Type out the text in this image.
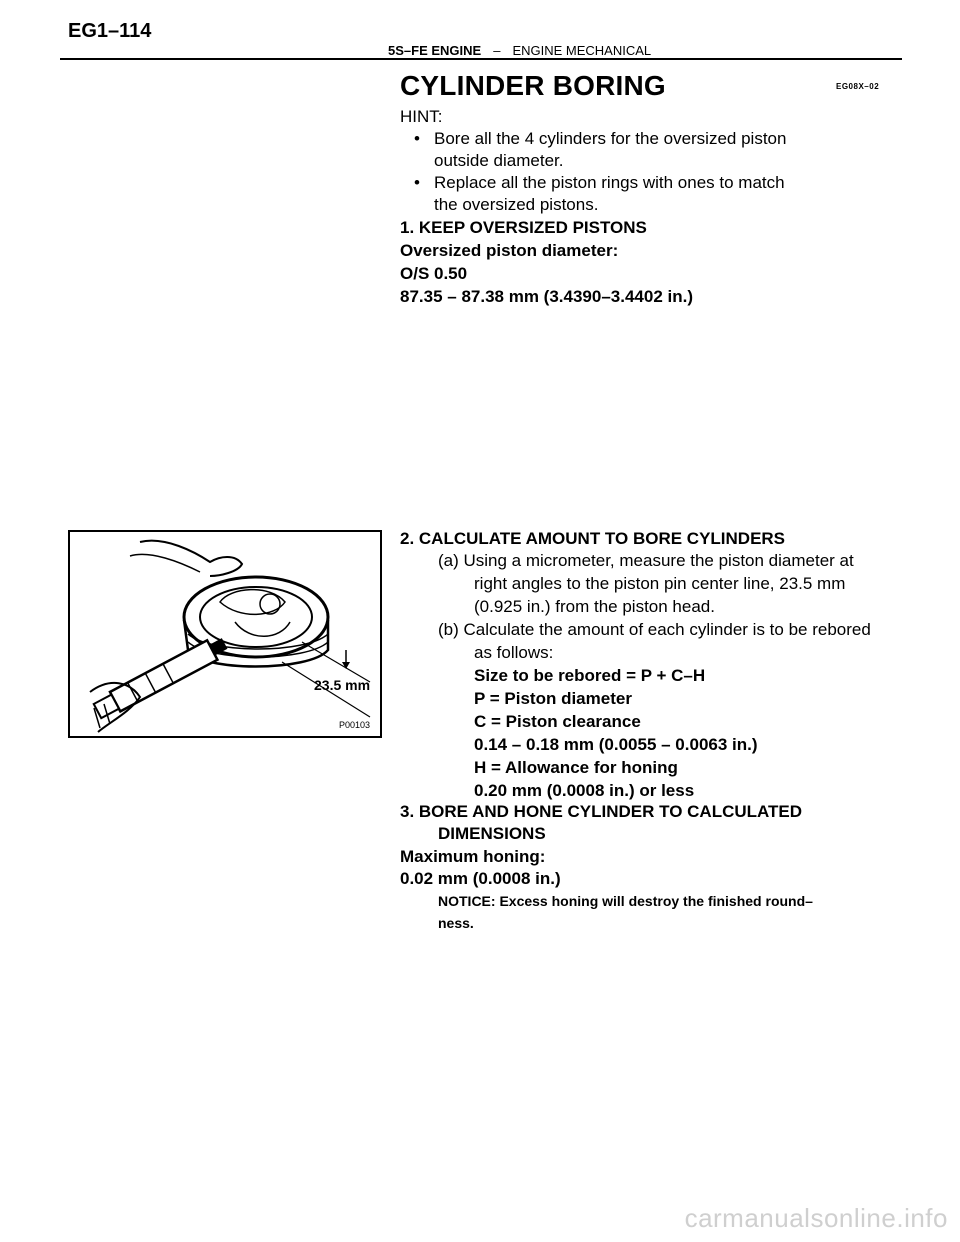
EG1–114
5S–FE ENGINE – ENGINE MECHANICAL
CYLINDER BORING	EG08X–02
HINT:
• Bore all the 4 cylinders for the oversized piston
outside diameter.
• Replace all the piston rings with ones to match
the oversized pistons.
1. KEEP OVERSIZED PISTONS
Oversized piston diameter:
O/S 0.50
87.35 – 87.38 mm (3.4390–3.4402 in.)
23.5 mm
P00103
2. CALCULATE AMOUNT TO BORE CYLINDERS
(a) Using a micrometer, measure the piston diameter at
right angles to the piston pin center line, 23.5 mm
(0.925 in.) from the piston head.
(b) Calculate the amount of each cylinder is to be rebored
as follows:
Size to be rebored = P + C–H
P = Piston diameter
C = Piston clearance
0.14 – 0.18 mm (0.0055 – 0.0063 in.)
H = Allowance for honing
0.20 mm (0.0008 in.) or less
3. BORE AND HONE CYLINDER TO CALCULATED
DIMENSIONS
Maximum honing:
0.02 mm (0.0008 in.)
NOTICE: Excess honing will destroy the finished round–
ness.
carmanualsonline.info
